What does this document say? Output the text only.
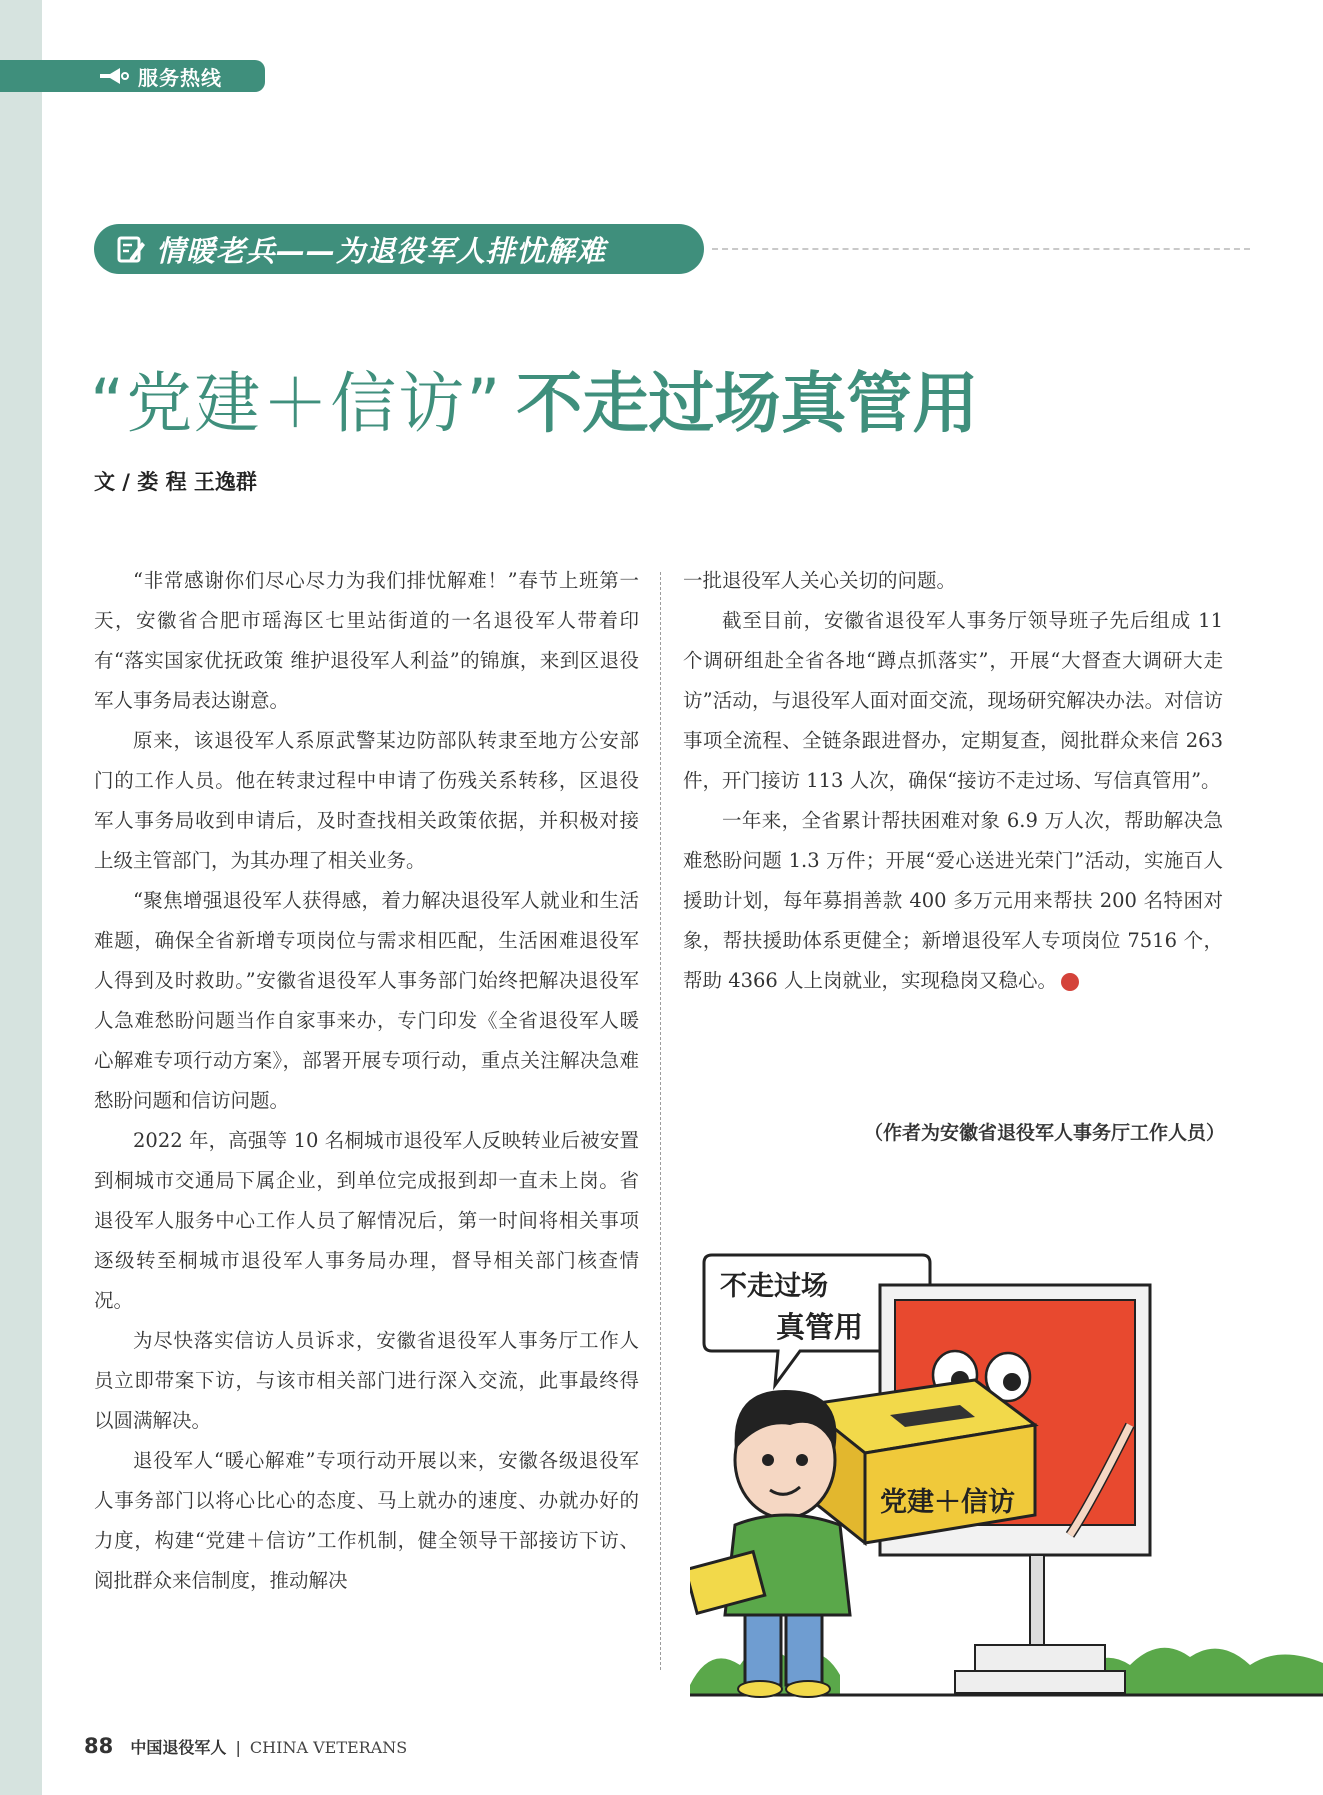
服务热线
情暖老兵——为退役军人排忧解难
“党建＋信访” 不走过场真管用
文 / 娄 程 王逸群

“非常感谢你们尽心尽力为我们排忧解难！”春节上班第一天，安徽省合肥市瑶海区七里站街道的一名退役军人带着印有“落实国家优抚政策 维护退役军人利益”的锦旗，来到区退役军人事务局表达谢意。

原来，该退役军人系原武警某边防部队转隶至地方公安部门的工作人员。他在转隶过程中申请了伤残关系转移，区退役军人事务局收到申请后，及时查找相关政策依据，并积极对接上级主管部门，为其办理了相关业务。

“聚焦增强退役军人获得感，着力解决退役军人就业和生活难题，确保全省新增专项岗位与需求相匹配，生活困难退役军人得到及时救助。”安徽省退役军人事务部门始终把解决退役军人急难愁盼问题当作自家事来办，专门印发《全省退役军人暖心解难专项行动方案》，部署开展专项行动，重点关注解决急难愁盼问题和信访问题。

2022 年，高强等 10 名桐城市退役军人反映转业后被安置到桐城市交通局下属企业，到单位完成报到却一直未上岗。省退役军人服务中心工作人员了解情况后，第一时间将相关事项逐级转至桐城市退役军人事务局办理，督导相关部门核查情况。

为尽快落实信访人员诉求，安徽省退役军人事务厅工作人员立即带案下访，与该市相关部门进行深入交流，此事最终得以圆满解决。

退役军人“暖心解难”专项行动开展以来，安徽各级退役军人事务部门以将心比心的态度、马上就办的速度、办就办好的力度，构建“党建＋信访”工作机制，健全领导干部接访下访、阅批群众来信制度，推动解决

一批退役军人关心关切的问题。

截至目前，安徽省退役军人事务厅领导班子先后组成 11 个调研组赴全省各地“蹲点抓落实”，开展“大督查大调研大走访”活动，与退役军人面对面交流，现场研究解决办法。对信访事项全流程、全链条跟进督办，定期复查，阅批群众来信 263 件，开门接访 113 人次，确保“接访不走过场、写信真管用”。

一年来，全省累计帮扶困难对象 6.9 万人次，帮助解决急难愁盼问题 1.3 万件；开展“爱心送进光荣门”活动，实施百人援助计划，每年募捐善款 400 多万元用来帮扶 200 名特困对象，帮扶援助体系更健全；新增退役军人专项岗位 7516 个，帮助 4366 人上岗就业，实现稳岗又稳心。	V

（作者为安徽省退役军人事务厅工作人员）
不走过场
真管用
党建＋信访
88 中国退役军人 | CHINA VETERANS
